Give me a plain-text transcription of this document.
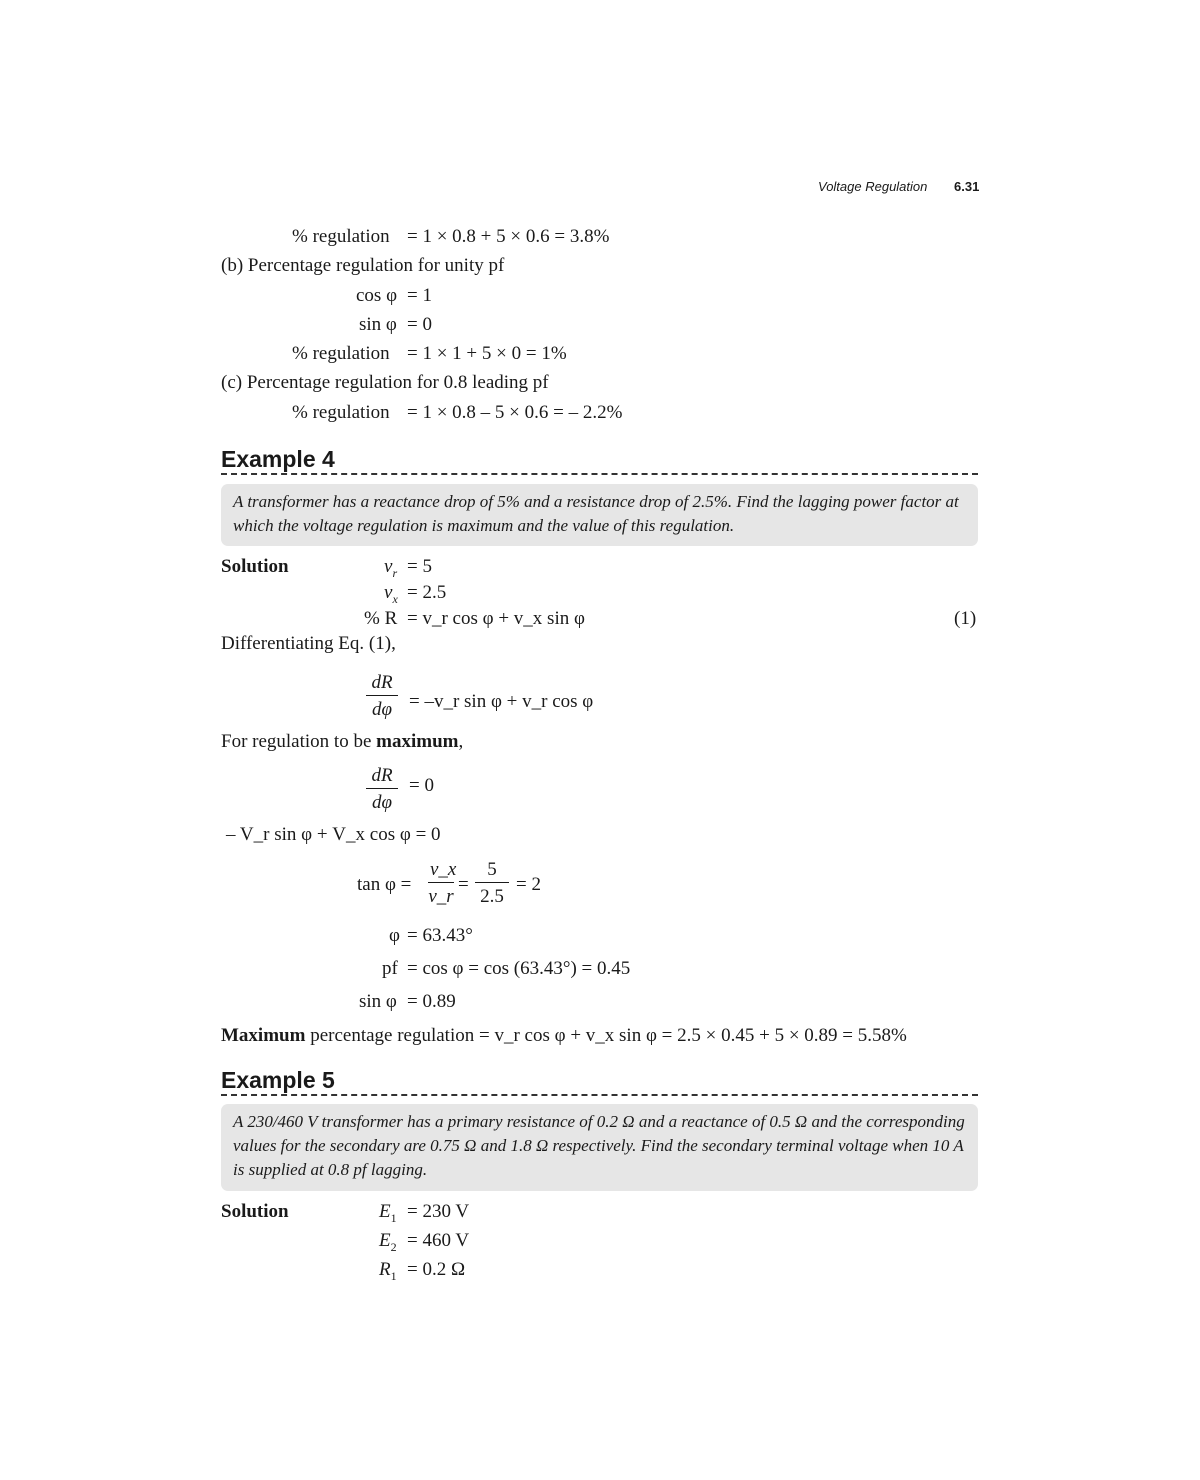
Voltage Regulation 6.31
% regulation = 1 × 0.8 + 5 × 0.6 = 3.8%
(b) Percentage regulation for unity pf
cos φ = 1
sin φ = 0
% regulation = 1 × 1 + 5 × 0 = 1%
(c) Percentage regulation for 0.8 leading pf
% regulation = 1 × 0.8 – 5 × 0.6 = – 2.2%
Example 4
A transformer has a reactance drop of 5% and a resistance drop of 2.5%. Find the lagging power factor at which the voltage regulation is maximum and the value of this regulation.
Solution	$v_r = 5$
$v_x = 2.5$
% R = v_r cos φ + v_x sin φ	(1)
Differentiating Eq. (1),
$\frac{dR}{d\varphi}$ = –v_r sin φ + v_r cos φ
For regulation to be maximum,
$\frac{dR}{d\varphi} = 0$
– V_r sin φ + V_x cos φ = 0
$\tan \varphi = \frac{v\_x}{v\_r} = \frac{5}{2.5} = 2$
φ = 63.43°
pf = cos φ = cos (63.43°) = 0.45
sin φ = 0.89
Maximum percentage regulation = v_r cos φ + v_x sin φ = 2.5 × 0.45 + 5 × 0.89 = 5.58%
Example 5
A 230/460 V transformer has a primary resistance of 0.2 Ω and a reactance of 0.5 Ω and the corresponding values for the secondary are 0.75 Ω and 1.8 Ω respectively. Find the secondary terminal voltage when 10 A is supplied at 0.8 pf lagging.
Solution	$E_1 = 230$ V
$E_2 = 460$ V
$R_1 = 0.2$ Ω
